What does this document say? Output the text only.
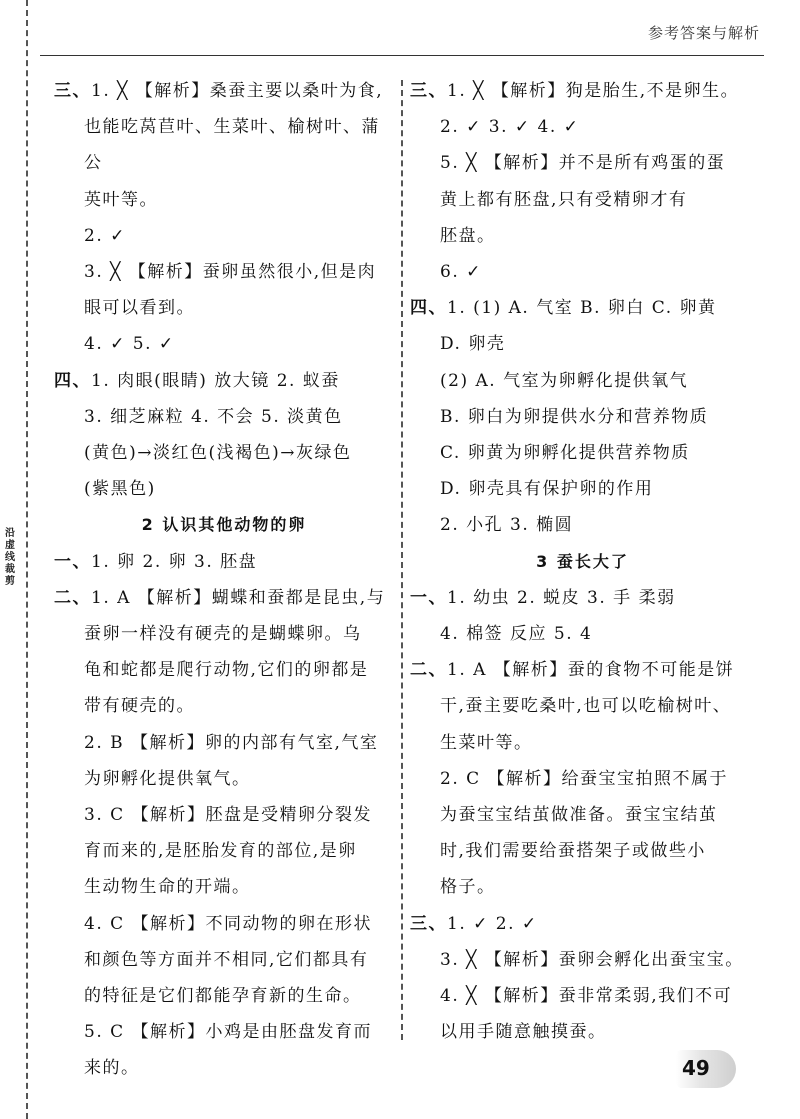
沿虚线裁剪
参考答案与解析

三、1. ╳ 【解析】桑蚕主要以桑叶为食,

也能吃莴苣叶、生菜叶、榆树叶、蒲公

英叶等。

2. ✓

3. ╳ 【解析】蚕卵虽然很小,但是肉

眼可以看到。

4. ✓ 5. ✓

四、1. 肉眼(眼睛) 放大镜 2. 蚁蚕

3. 细芝麻粒 4. 不会 5. 淡黄色

(黄色)→淡红色(浅褐色)→灰绿色

(紫黑色)

2 认识其他动物的卵

一、1. 卵 2. 卵 3. 胚盘

二、1. A 【解析】蝴蝶和蚕都是昆虫,与

蚕卵一样没有硬壳的是蝴蝶卵。乌

龟和蛇都是爬行动物,它们的卵都是

带有硬壳的。

2. B 【解析】卵的内部有气室,气室

为卵孵化提供氧气。

3. C 【解析】胚盘是受精卵分裂发

育而来的,是胚胎发育的部位,是卵

生动物生命的开端。

4. C 【解析】不同动物的卵在形状

和颜色等方面并不相同,它们都具有

的特征是它们都能孕育新的生命。

5. C 【解析】小鸡是由胚盘发育而

来的。

三、1. ╳ 【解析】狗是胎生,不是卵生。

2. ✓ 3. ✓ 4. ✓

5. ╳ 【解析】并不是所有鸡蛋的蛋

黄上都有胚盘,只有受精卵才有

胚盘。

6. ✓

四、1. (1) A. 气室 B. 卵白 C. 卵黄

D. 卵壳

(2) A. 气室为卵孵化提供氧气

B. 卵白为卵提供水分和营养物质

C. 卵黄为卵孵化提供营养物质

D. 卵壳具有保护卵的作用

2. 小孔 3. 椭圆

3 蚕长大了

一、1. 幼虫 2. 蜕皮 3. 手 柔弱

4. 棉签 反应 5. 4

二、1. A 【解析】蚕的食物不可能是饼

干,蚕主要吃桑叶,也可以吃榆树叶、

生菜叶等。

2. C 【解析】给蚕宝宝拍照不属于

为蚕宝宝结茧做准备。蚕宝宝结茧

时,我们需要给蚕搭架子或做些小

格子。

三、1. ✓ 2. ✓

3. ╳ 【解析】蚕卵会孵化出蚕宝宝。

4. ╳ 【解析】蚕非常柔弱,我们不可

以用手随意触摸蚕。

49
